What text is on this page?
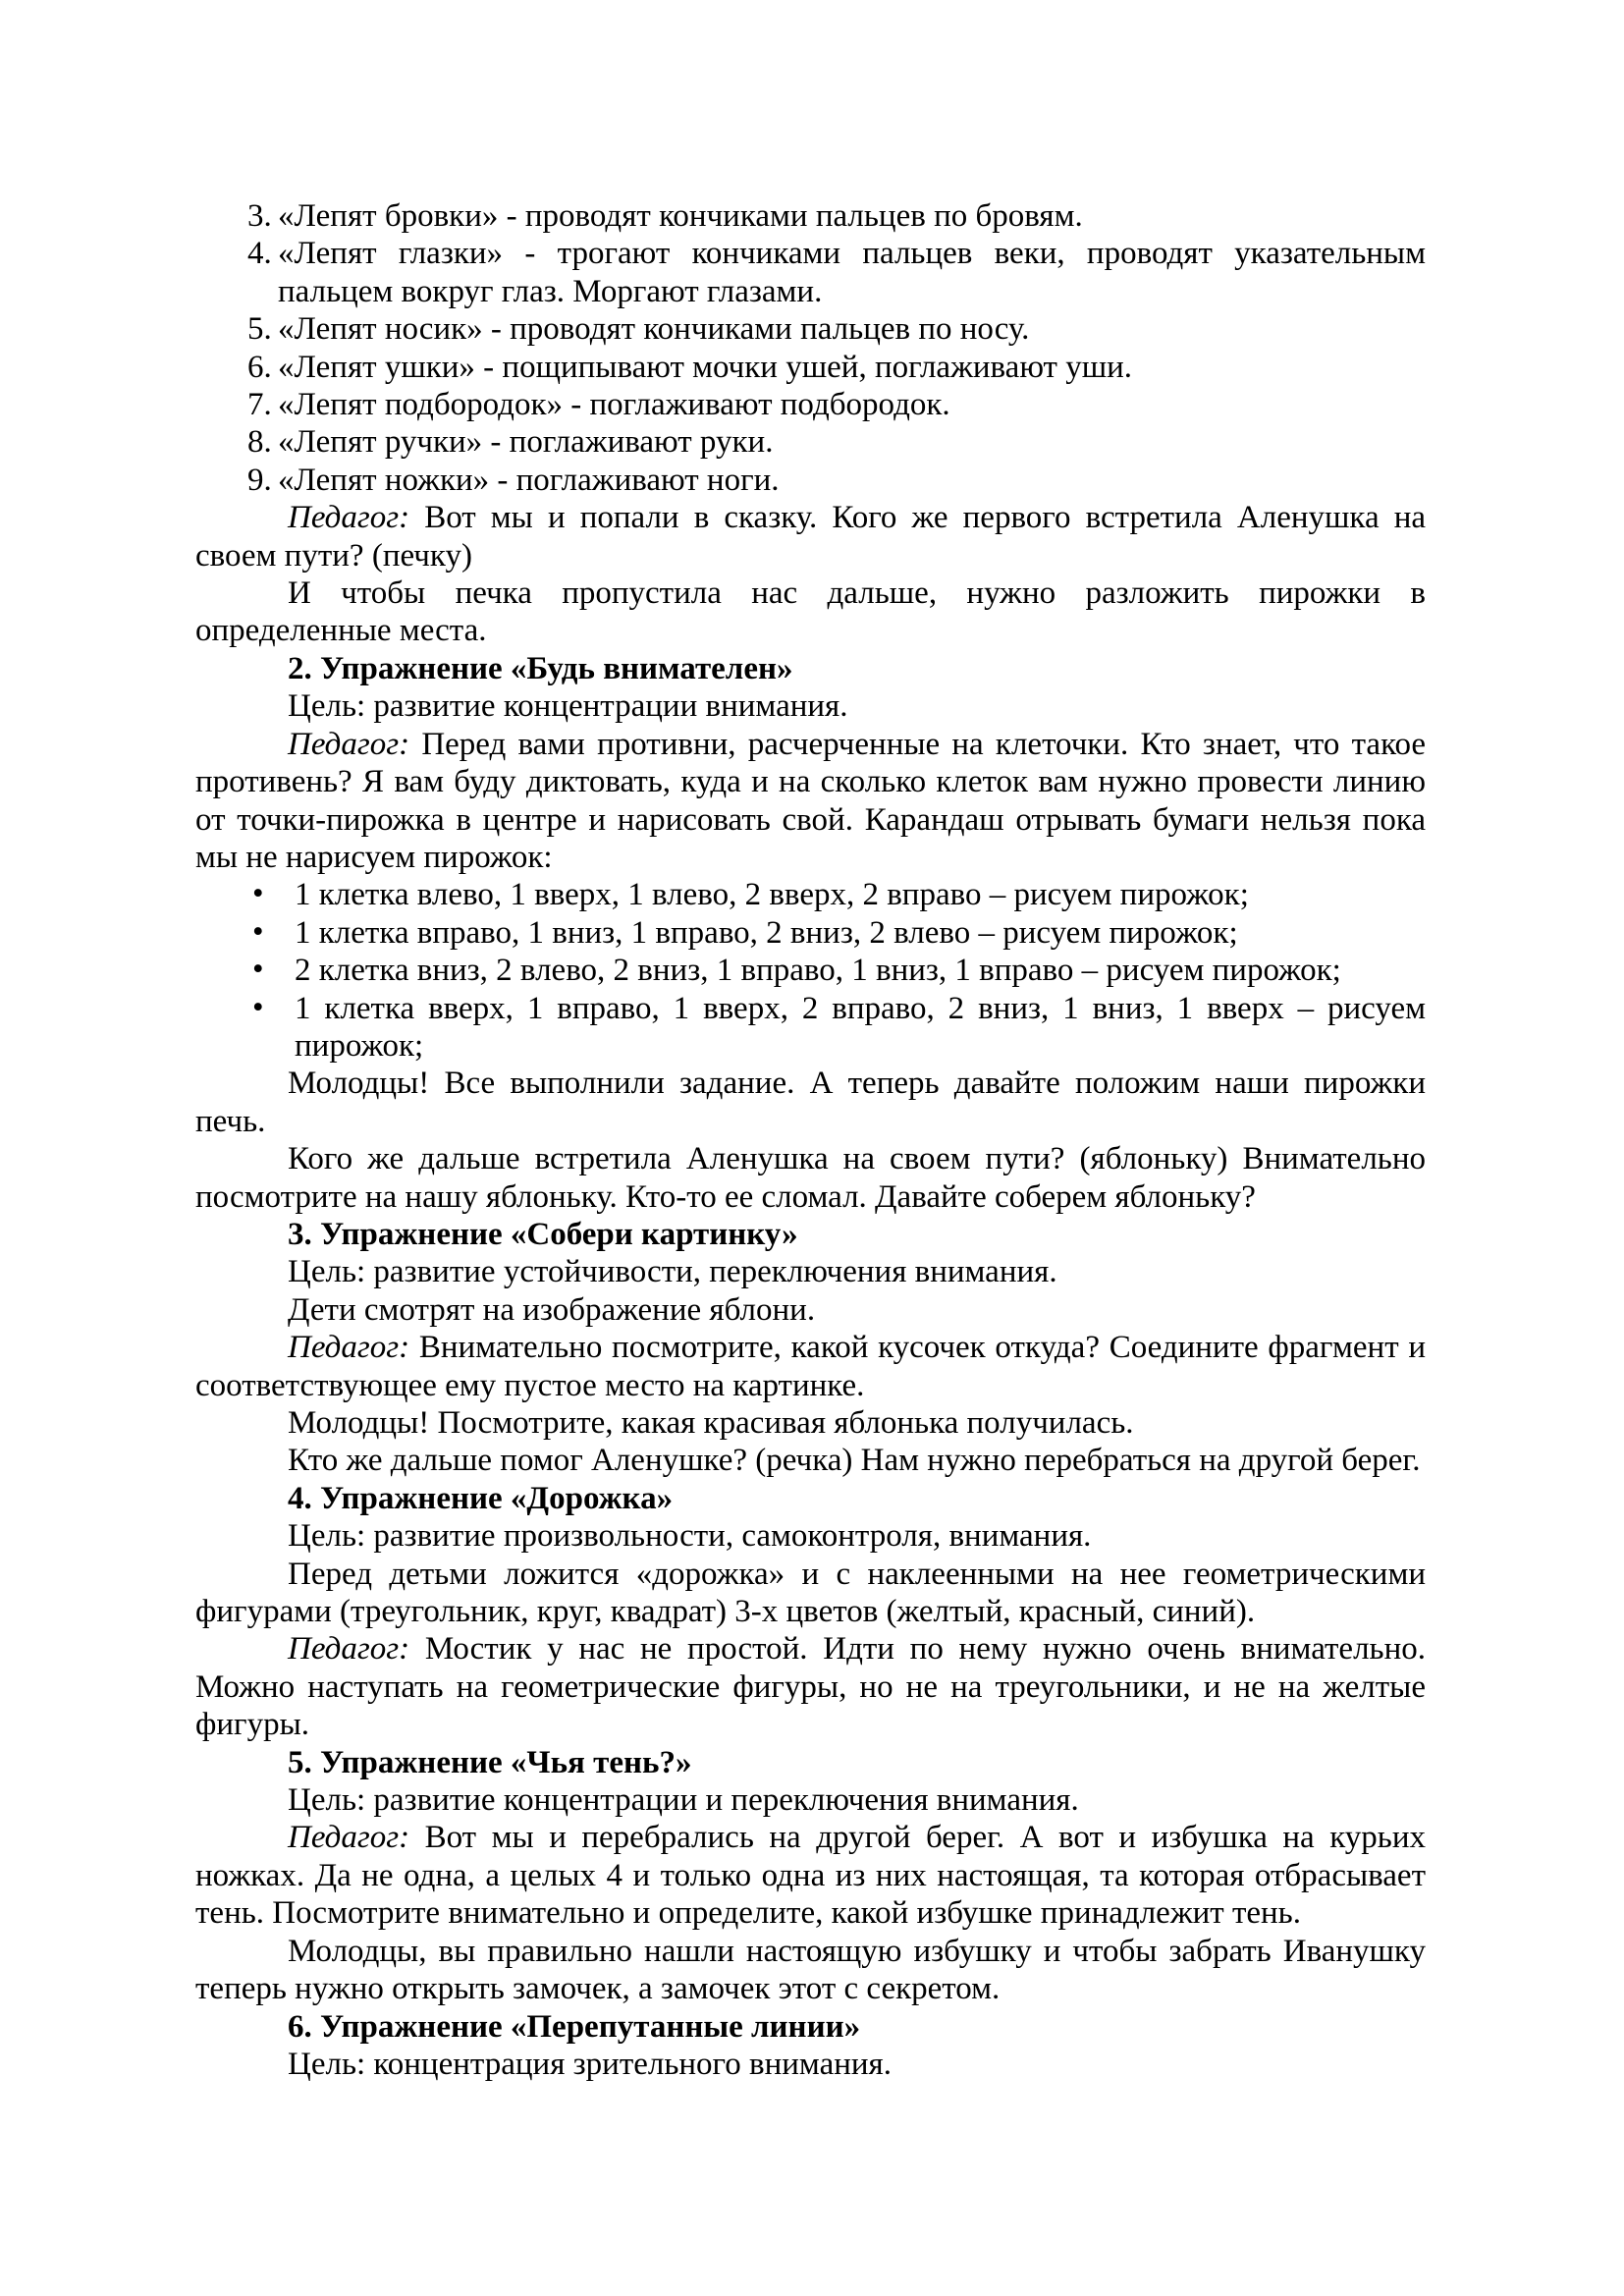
3. «Лепят бровки» - проводят кончиками пальцев по бровям.
4. «Лепят глазки» - трогают кончиками пальцев веки, проводят указательным пальцем вокруг глаз. Моргают глазами.
5. «Лепят носик» - проводят кончиками пальцев по носу.
6. «Лепят ушки» - пощипывают мочки ушей, поглаживают уши.
7. «Лепят подбородок» - поглаживают подбородок.
8. «Лепят ручки» - поглаживают руки.
9. «Лепят ножки» - поглаживают ноги.

Педагог: Вот мы и попали в сказку. Кого же первого встретила Аленушка на своем пути? (печку)

И чтобы печка пропустила нас дальше, нужно разложить пирожки в определенные места.

2. Упражнение «Будь внимателен»

Цель: развитие концентрации внимания.

Педагог: Перед вами противни, расчерченные на клеточки. Кто знает, что такое противень? Я вам буду диктовать, куда и на сколько клеток вам нужно провести линию от точки-пирожка в центре и нарисовать свой. Карандаш отрывать бумаги нельзя пока мы не нарисуем пирожок:

• 1 клетка влево, 1 вверх, 1 влево, 2 вверх, 2 вправо – рисуем пирожок;
• 1 клетка вправо, 1 вниз, 1 вправо, 2 вниз, 2 влево – рисуем пирожок;
• 2 клетка вниз, 2 влево, 2 вниз, 1 вправо, 1 вниз, 1 вправо – рисуем пирожок;
• 1 клетка вверх, 1 вправо, 1 вверх, 2 вправо, 2 вниз, 1 вниз, 1 вверх – рисуем пирожок;

Молодцы! Все выполнили задание. А теперь давайте положим наши пирожки печь.

Кого же дальше встретила Аленушка на своем пути? (яблоньку) Внимательно посмотрите на нашу яблоньку. Кто-то ее сломал. Давайте соберем яблоньку?

3. Упражнение «Собери картинку»

Цель: развитие устойчивости, переключения внимания.

Дети смотрят на изображение яблони.

Педагог: Внимательно посмотрите, какой кусочек откуда? Соедините фрагмент и соответствующее ему пустое место на картинке.

Молодцы! Посмотрите, какая красивая яблонька получилась.

Кто же дальше помог Аленушке? (речка) Нам нужно перебраться на другой берег.

4. Упражнение «Дорожка»

Цель: развитие произвольности, самоконтроля, внимания.

Перед детьми ложится «дорожка» и с наклеенными на нее геометрическими фигурами (треугольник, круг, квадрат) 3-х цветов (желтый, красный, синий).

Педагог: Мостик у нас не простой. Идти по нему нужно очень внимательно. Можно наступать на геометрические фигуры, но не на треугольники, и не на желтые фигуры.

5. Упражнение «Чья тень?»

Цель: развитие концентрации и переключения внимания.

Педагог: Вот мы и перебрались на другой берег. А вот и избушка на курьих ножках. Да не одна, а целых 4 и только одна из них настоящая, та которая отбрасывает тень. Посмотрите внимательно и определите, какой избушке принадлежит тень.

Молодцы, вы правильно нашли настоящую избушку и чтобы забрать Иванушку теперь нужно открыть замочек, а замочек этот с секретом.

6. Упражнение «Перепутанные линии»

Цель: концентрация зрительного внимания.
